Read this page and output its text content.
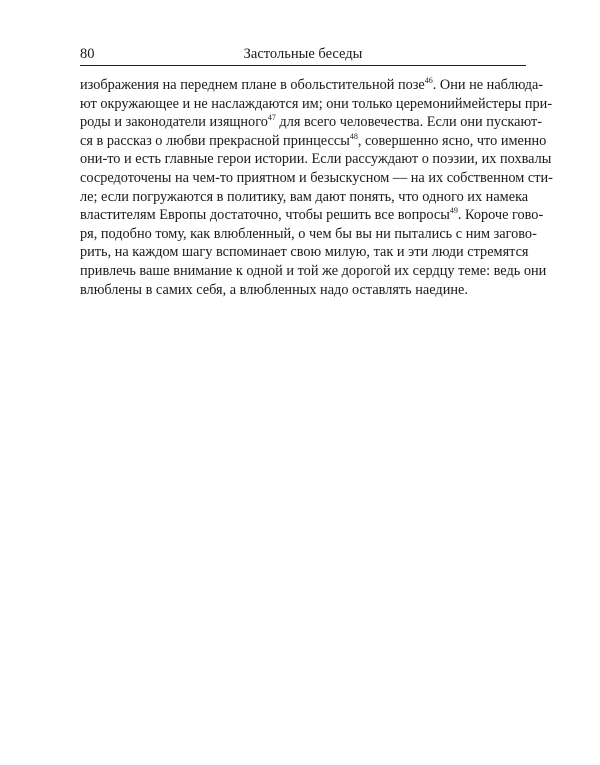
80	Застольные беседы
изображения на переднем плане в обольстительной позе$^{46}$. Они не наблюда-
ют окружающее и не наслаждаются им; они только церемониймейстеры при-
роды и законодатели изящного$^{47}$ для всего человечества. Если они пускают-
ся в рассказ о любви прекрасной принцессы$^{48}$, совершенно ясно, что именно
они-то и есть главные герои истории. Если рассуждают о поэзии, их похвалы
сосредоточены на чем-то приятном и безыскусном — на их собственном сти-
ле; если погружаются в политику, вам дают понять, что одного их намека
властителям Европы достаточно, чтобы решить все вопросы$^{49}$. Короче гово-
ря, подобно тому, как влюбленный, о чем бы вы ни пытались с ним загово-
рить, на каждом шагу вспоминает свою милую, так и эти люди стремятся
привлечь ваше внимание к одной и той же дорогой их сердцу теме: ведь они
влюблены в самих себя, а влюбленных надо оставлять наедине.
